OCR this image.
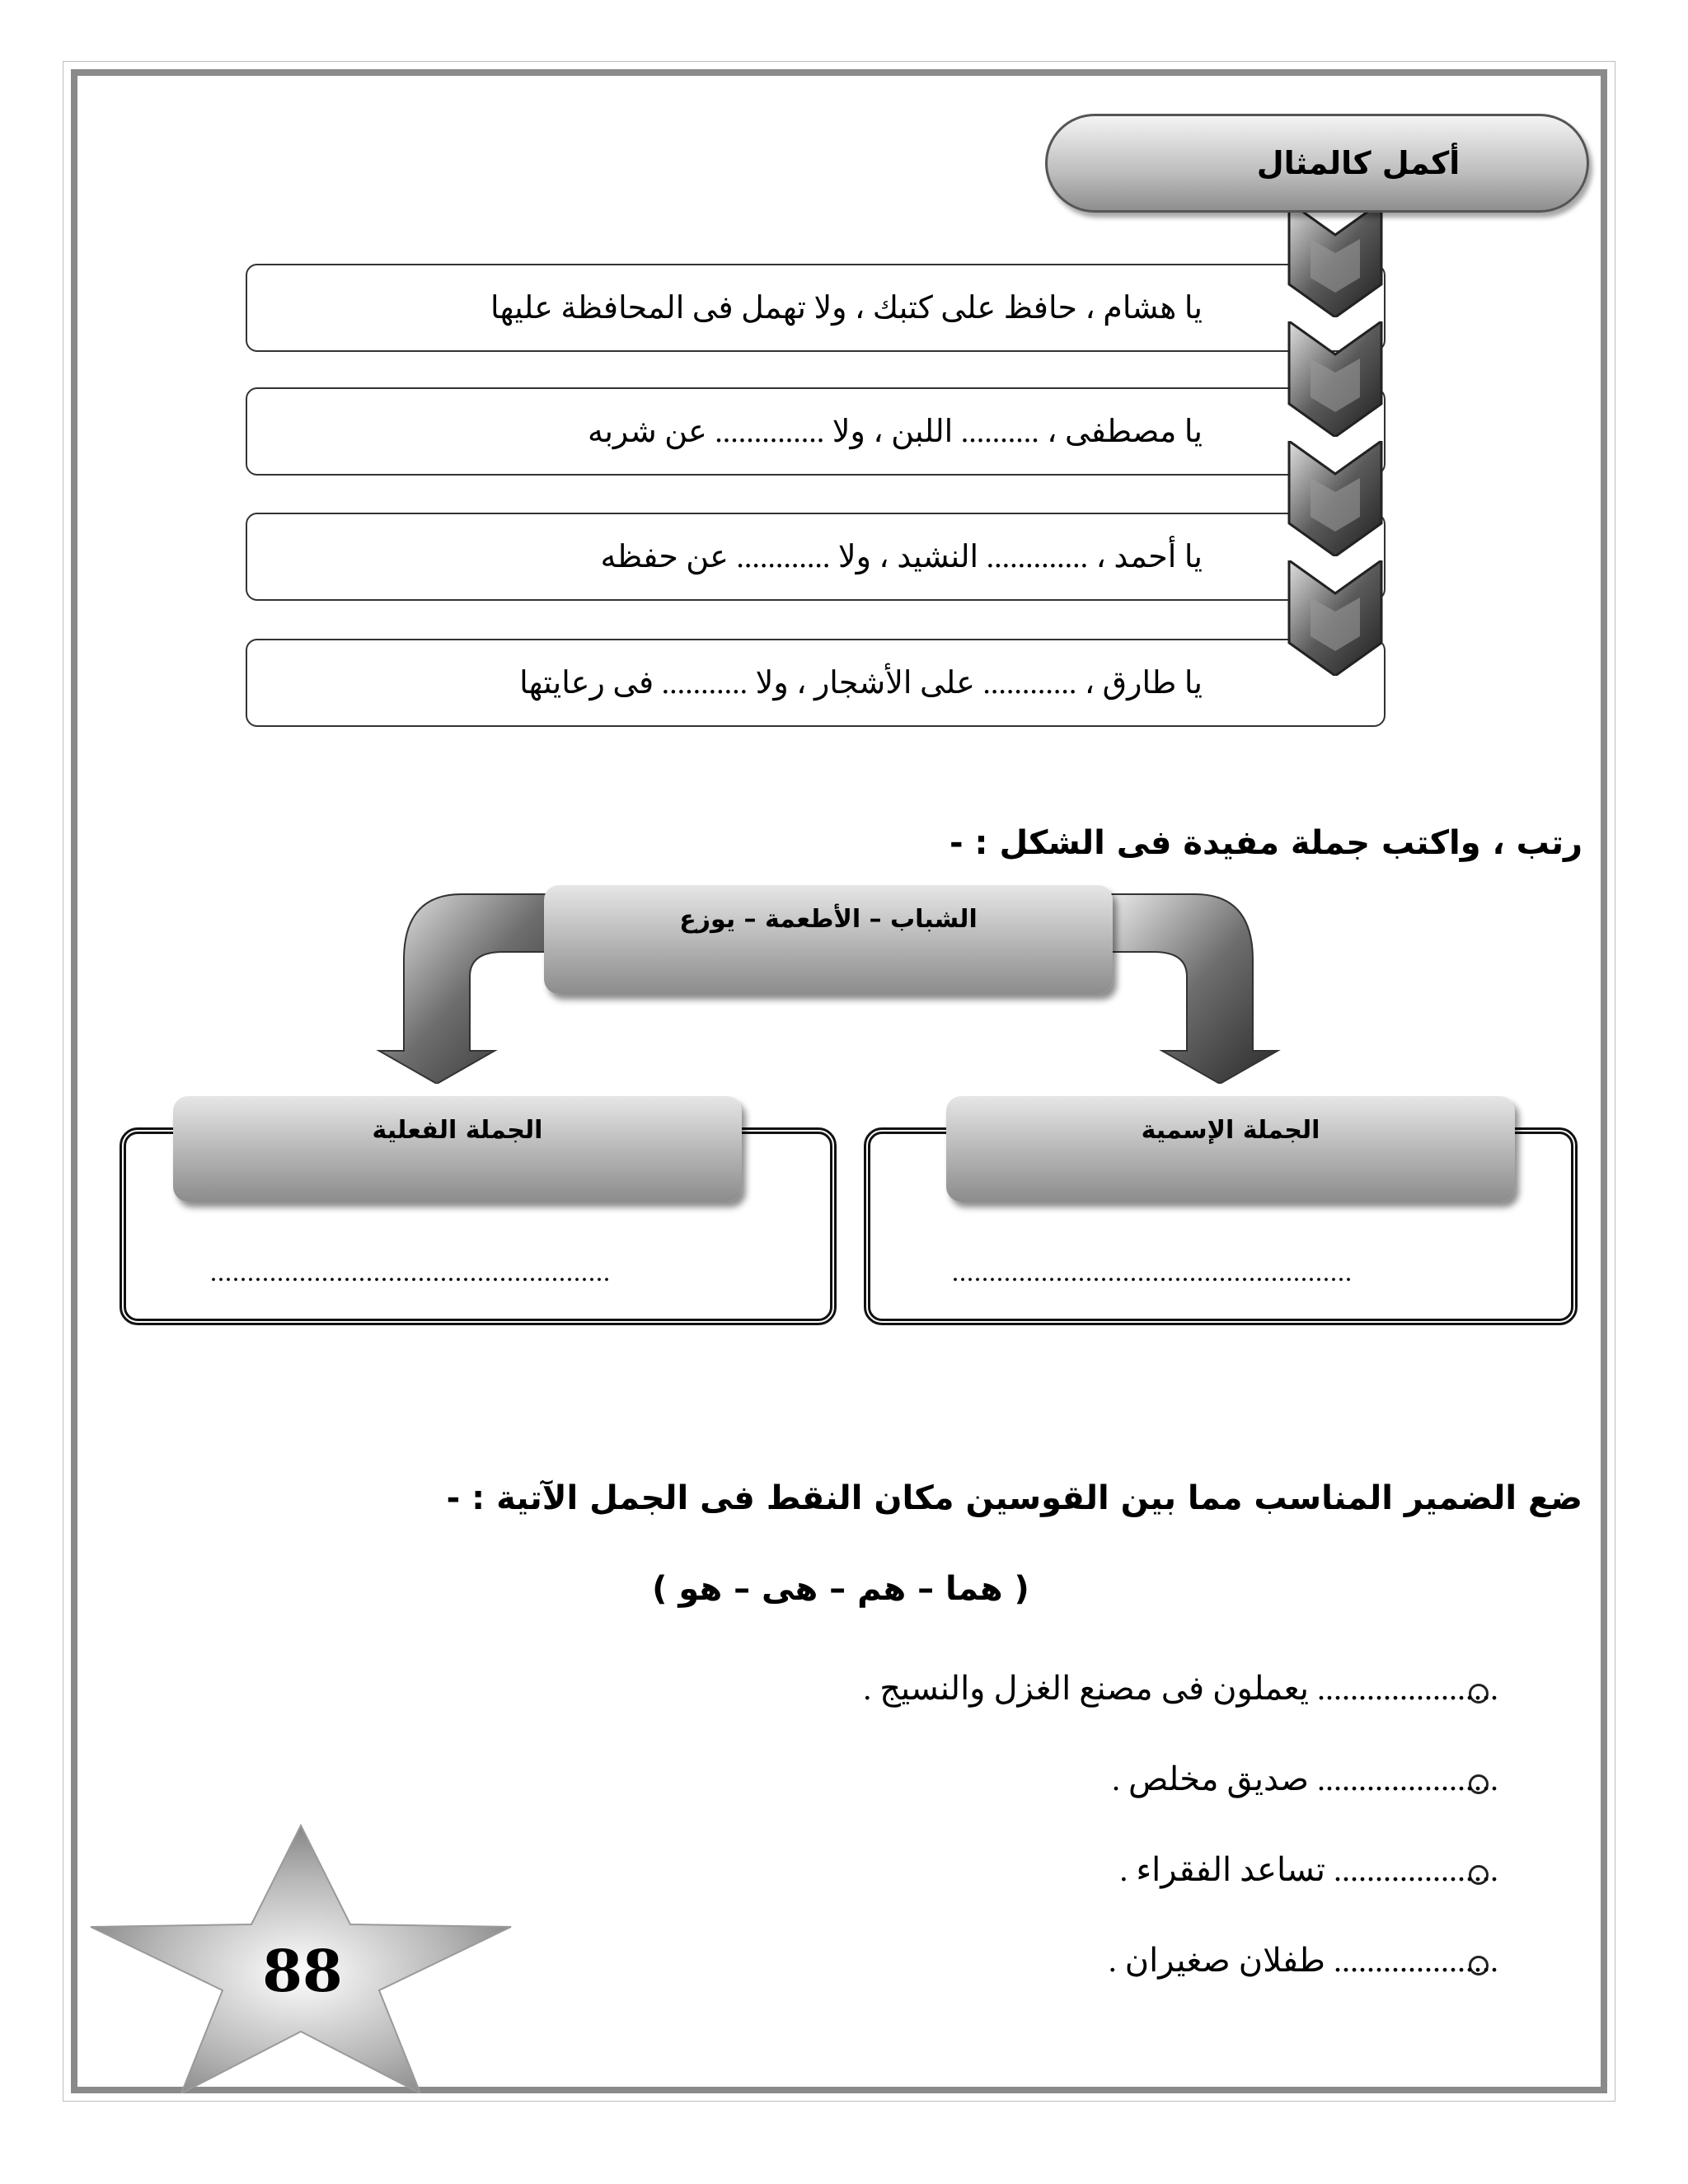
يا هشام ، حافظ على كتبك ، ولا تهمل فى المحافظة عليها
يا مصطفى ، .......... اللبن ، ولا .............. عن شربه
يا أحمد ، ............. النشيد ، ولا ............ عن حفظه
يا طارق ، ............ على الأشجار ، ولا ........... فى رعايتها
أكمل كالمثال
رتب ، واكتب جملة مفيدة فى الشكل : -
الشباب – الأطعمة – يوزع
الجملة الفعلية	الجملة الإسمية
......................................................	......................................................
ضع الضمير المناسب مما بين القوسين مكان النقط فى الجمل الآتية : -
( هما – هم – هى – هو )
...................... يعملون فى مصنع الغزل والنسيج .
...................... صديق مخلص .
.................... تساعد الفقراء .
.................... طفلان صغيران .
88
